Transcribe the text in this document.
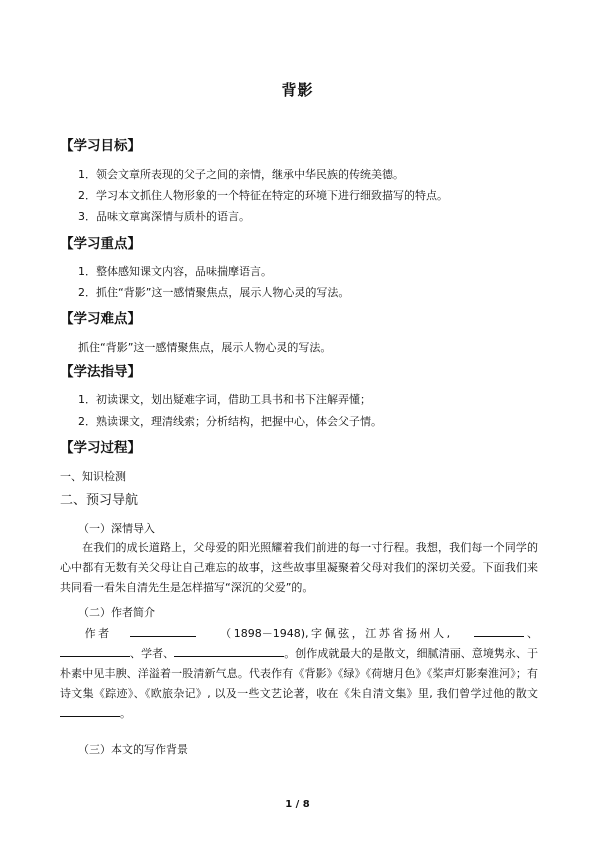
背影
【学习目标】
1．领会文章所表现的父子之间的亲情，继承中华民族的传统美德。
2．学习本文抓住人物形象的一个特征在特定的环境下进行细致描写的特点。
3．品味文章寓深情与质朴的语言。
【学习重点】
1．整体感知课文内容，品味揣摩语言。
2．抓住“背影”这一感情聚焦点，展示人物心灵的写法。
【学习难点】
抓住“背影”这一感情聚焦点，展示人物心灵的写法。
【学法指导】
1．初读课文，划出疑难字词，借助工具书和书下注解弄懂；
2．熟读课文，理清线索；分析结构，把握中心，体会父子情。
【学习过程】
一、知识检测
二、预习导航
（一）深情导入
在我们的成长道路上，父母爱的阳光照耀着我们前进的每一寸行程。我想，我们每一个同学的心中都有无数有关父母让自己难忘的故事，这些故事里凝聚着父母对我们的深切关爱。下面我们来共同看一看朱自清先生是怎样描写“深沉的父爱”的。
（二）作者简介
作者	（1898－1948),字佩弦，江苏省扬州人,	、、学者、	。创作成就最大的是散文，细腻清丽、意境隽永、于朴素中见丰腴、洋溢着一股清新气息。代表作有《背影》《绿》《荷塘月色》《桨声灯影秦淮河》；有诗文集《踪迹》、《欧旅杂记》, 以及一些文艺论著，收在《朱自清文集》里, 我们曾学过他的散文。
（三）本文的写作背景
1 / 8
